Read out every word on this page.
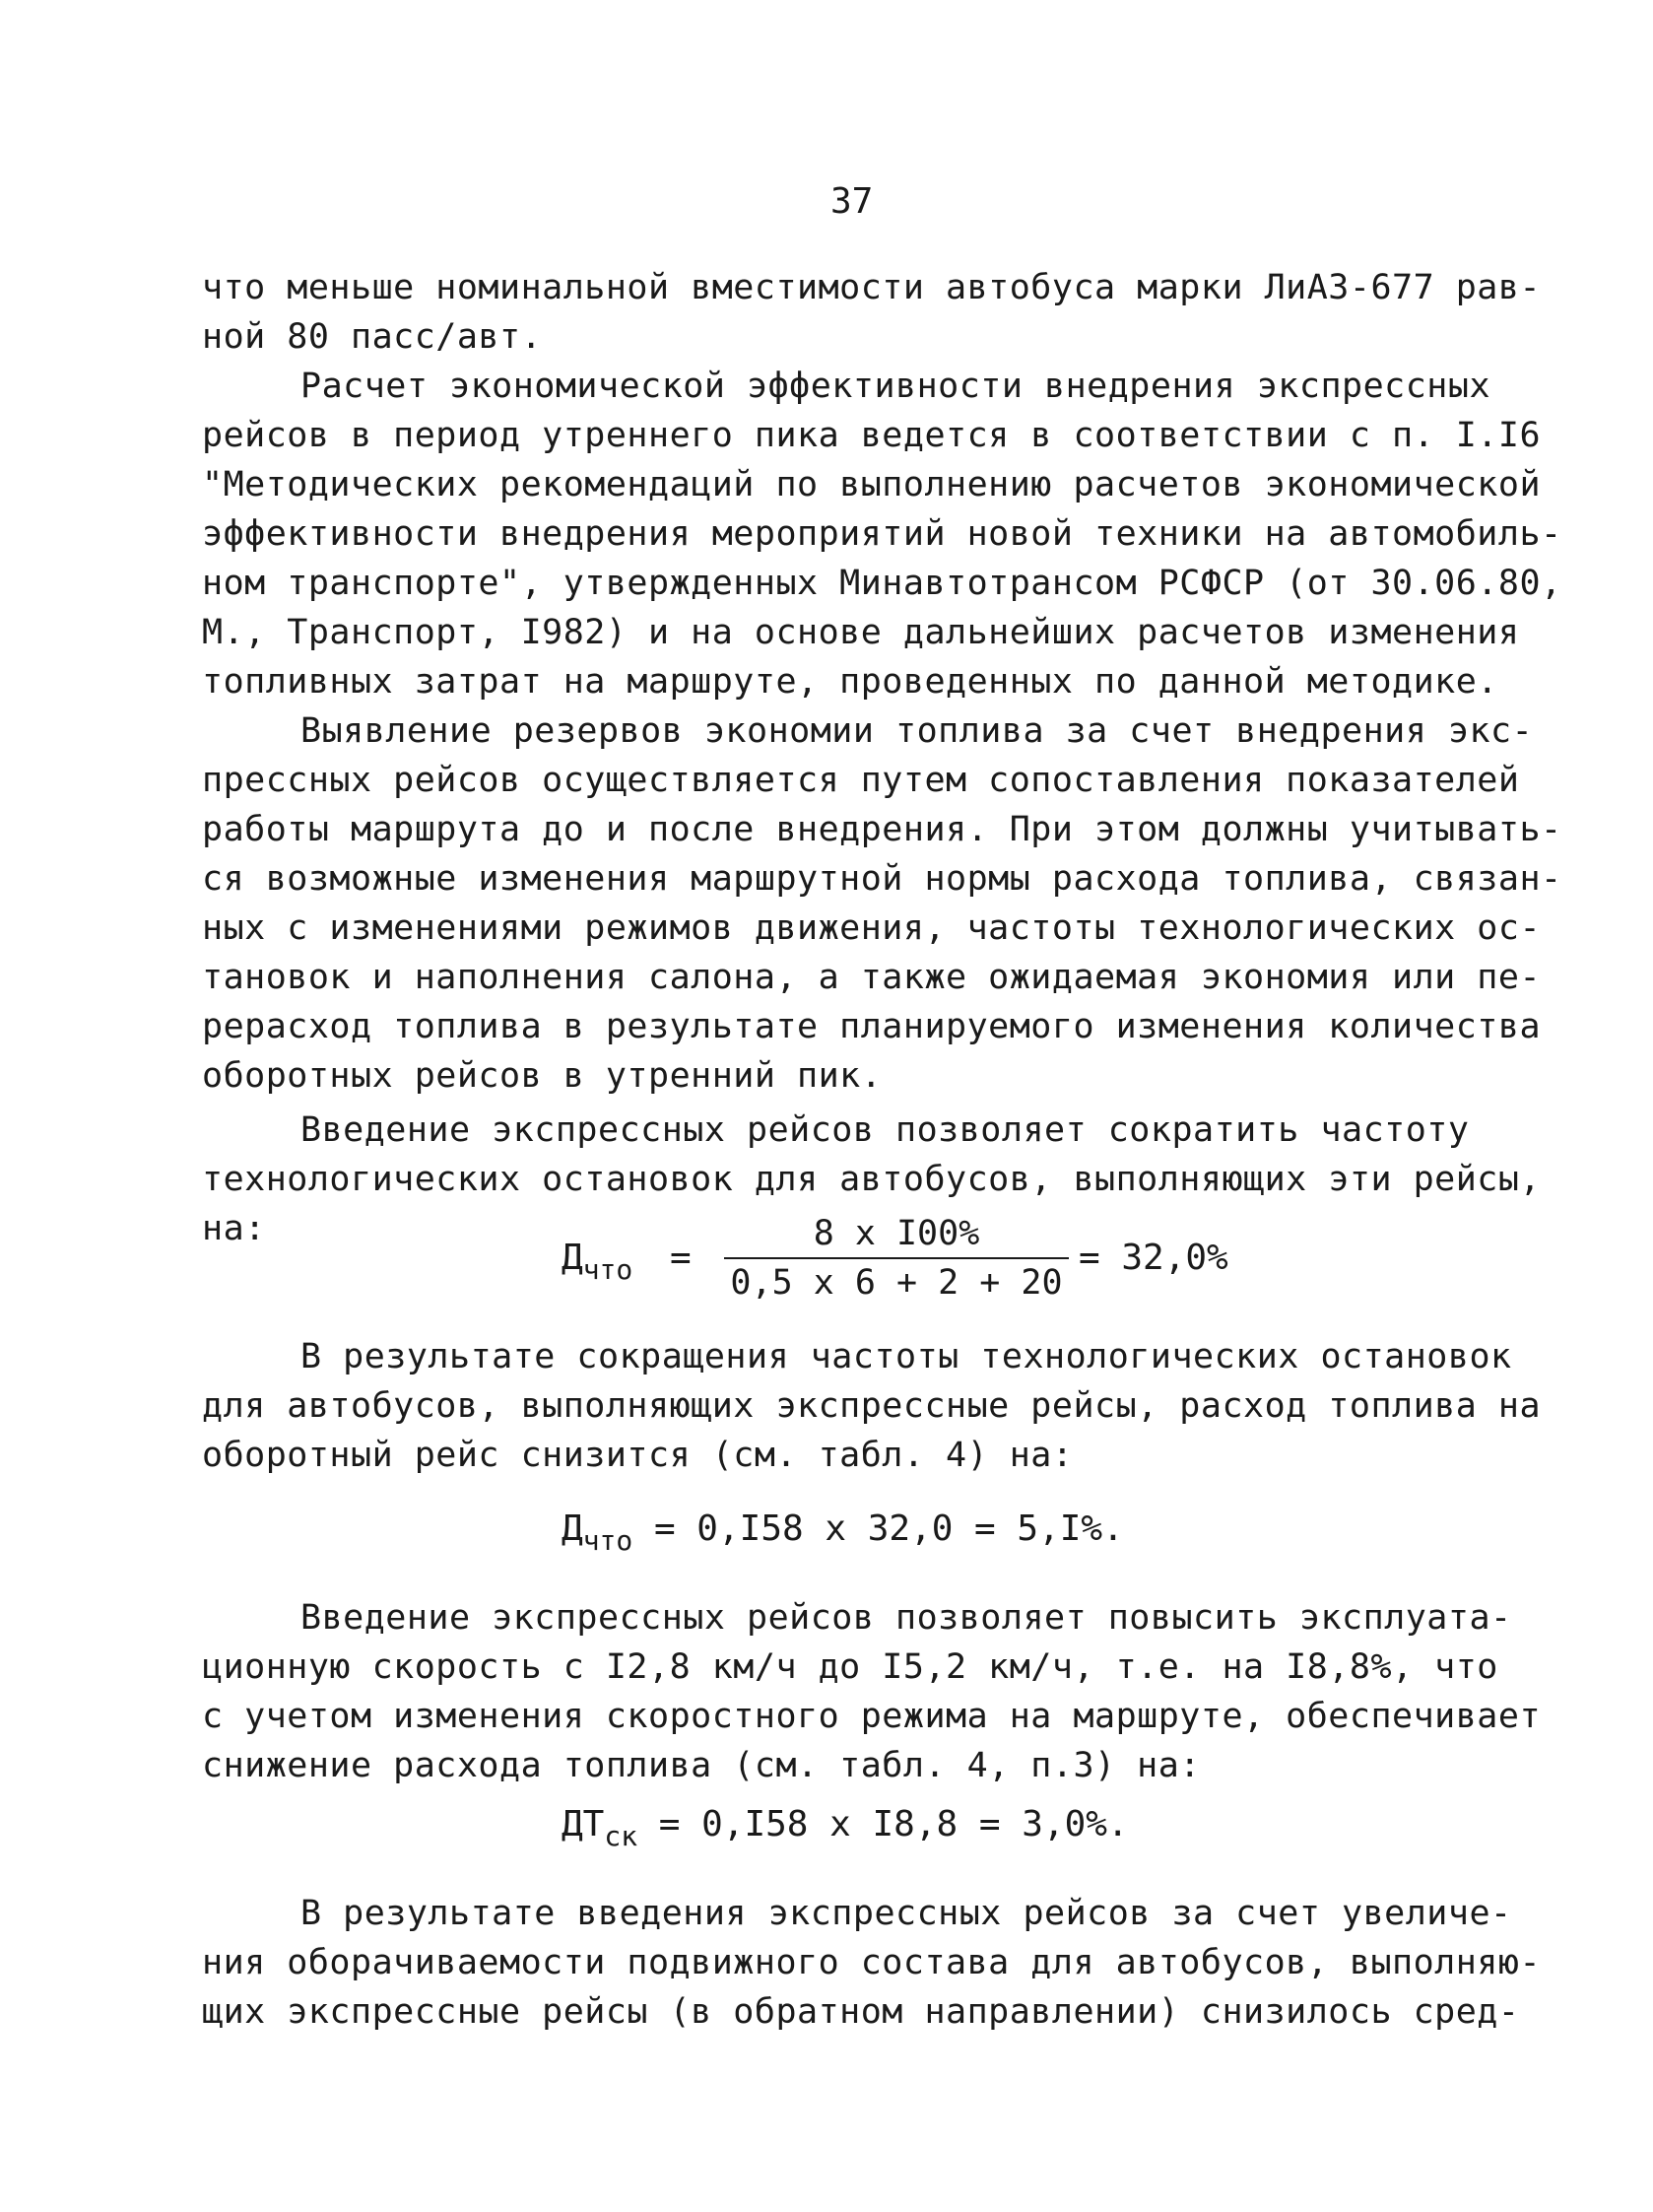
37
что меньше номинальной вместимости автобуса марки ЛиАЗ-677 рав-
ной 80 пасс/авт.
Расчет экономической эффективности внедрения экспрессных
рейсов в период утреннего пика ведется в соответствии с п. I.I6
"Методических рекомендаций по выполнению расчетов экономической
эффективности внедрения мероприятий новой техники на автомобиль-
ном транспорте", утвержденных Минавтотрансом РСФСР (от 30.06.80,
М., Транспорт, I982) и на основе дальнейших расчетов изменения
топливных затрат на маршруте, проведенных по данной методике.
Выявление резервов экономии топлива за счет внедрения экс-
прессных рейсов осуществляется путем сопоставления показателей
работы маршрута до и после внедрения. При этом должны учитывать-
ся возможные изменения маршрутной нормы расхода топлива, связан-
ных с изменениями режимов движения, частоты технологических ос-
тановок и наполнения салона, а также ожидаемая экономия или пе-
рерасход топлива в результате планируемого изменения количества
оборотных рейсов в утренний пик.
Введение экспрессных рейсов позволяет сократить частоту
технологических остановок для автобусов, выполняющих эти рейсы,
на:
$Д_{что}$ =
8 х I00%
0,5 х 6 + 2 + 20
= 32,0%
В результате сокращения частоты технологических остановок
для автобусов, выполняющих экспрессные рейсы, расход топлива на
оборотный рейс снизится (см. табл. 4) на:
$Д_{что} = 0,I58$ х 32,0 = 5,I%.
Введение экспрессных рейсов позволяет повысить эксплуата-
ционную скорость с I2,8 км/ч до I5,2 км/ч, т.е. на I8,8%, что
с учетом изменения скоростного режима на маршруте, обеспечивает
снижение расхода топлива (см. табл. 4, п.3) на:
$ДТ_{ск} = 0,I58$ х I8,8 = 3,0%.
В результате введения экспрессных рейсов за счет увеличе-
ния оборачиваемости подвижного состава для автобусов, выполняю-
щих экспрессные рейсы (в обратном направлении) снизилось сред-
